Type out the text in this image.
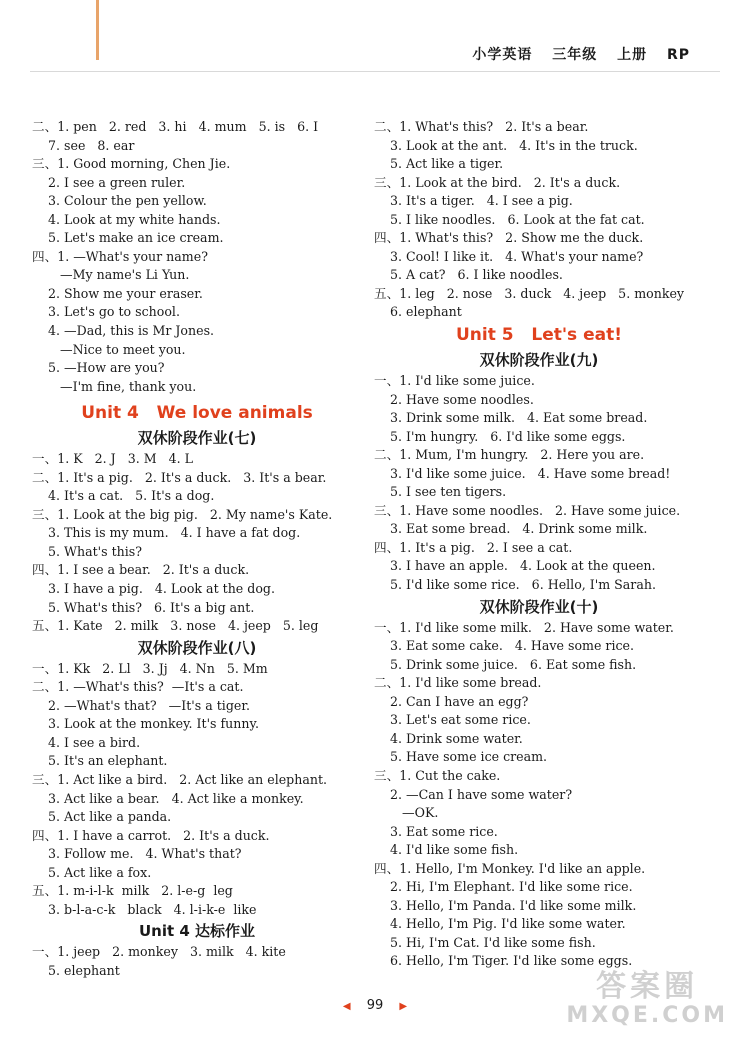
小学英语 三年级 上册 RP
二、1. pen   2. red   3. hi   4. mum   5. is   6. I
7. see   8. ear
三、1. Good morning, Chen Jie.
2. I see a green ruler.
3. Colour the pen yellow.
4. Look at my white hands.
5. Let's make an ice cream.
四、1. —What's your name?
—My name's Li Yun.
2. Show me your eraser.
3. Let's go to school.
4. —Dad, this is Mr Jones.
—Nice to meet you.
5. —How are you?
—I'm fine, thank you.
Unit 4   We love animals
双休阶段作业(七)
一、1. K   2. J   3. M   4. L
二、1. It's a pig.   2. It's a duck.   3. It's a bear.
4. It's a cat.   5. It's a dog.
三、1. Look at the big pig.   2. My name's Kate.
3. This is my mum.   4. I have a fat dog.
5. What's this?
四、1. I see a bear.   2. It's a duck.
3. I have a pig.   4. Look at the dog.
5. What's this?   6. It's a big ant.
五、1. Kate   2. milk   3. nose   4. jeep   5. leg
双休阶段作业(八)
一、1. Kk   2. Ll   3. Jj   4. Nn   5. Mm
二、1. —What's this?  —It's a cat.
2. —What's that?   —It's a tiger.
3. Look at the monkey. It's funny.
4. I see a bird.
5. It's an elephant.
三、1. Act like a bird.   2. Act like an elephant.
3. Act like a bear.   4. Act like a monkey.
5. Act like a panda.
四、1. I have a carrot.   2. It's a duck.
3. Follow me.   4. What's that?
5. Act like a fox.
五、1. m-i-l-k  milk   2. l-e-g  leg
3. b-l-a-c-k   black   4. l-i-k-e  like
Unit 4 达标作业
一、1. jeep   2. monkey   3. milk   4. kite
5. elephant
二、1. What's this?   2. It's a bear.
3. Look at the ant.   4. It's in the truck.
5. Act like a tiger.
三、1. Look at the bird.   2. It's a duck.
3. It's a tiger.   4. I see a pig.
5. I like noodles.   6. Look at the fat cat.
四、1. What's this?   2. Show me the duck.
3. Cool! I like it.   4. What's your name?
5. A cat?   6. I like noodles.
五、1. leg   2. nose   3. duck   4. jeep   5. monkey
6. elephant
Unit 5   Let's eat!
双休阶段作业(九)
一、1. I'd like some juice.
2. Have some noodles.
3. Drink some milk.   4. Eat some bread.
5. I'm hungry.   6. I'd like some eggs.
二、1. Mum, I'm hungry.   2. Here you are.
3. I'd like some juice.   4. Have some bread!
5. I see ten tigers.
三、1. Have some noodles.   2. Have some juice.
3. Eat some bread.   4. Drink some milk.
四、1. It's a pig.   2. I see a cat.
3. I have an apple.   4. Look at the queen.
5. I'd like some rice.   6. Hello, I'm Sarah.
双休阶段作业(十)
一、1. I'd like some milk.   2. Have some water.
3. Eat some cake.   4. Have some rice.
5. Drink some juice.   6. Eat some fish.
二、1. I'd like some bread.
2. Can I have an egg?
3. Let's eat some rice.
4. Drink some water.
5. Have some ice cream.
三、1. Cut the cake.
2. —Can I have some water?
—OK.
3. Eat some rice.
4. I'd like some fish.
四、1. Hello, I'm Monkey. I'd like an apple.
2. Hi, I'm Elephant. I'd like some rice.
3. Hello, I'm Panda. I'd like some milk.
4. Hello, I'm Pig. I'd like some water.
5. Hi, I'm Cat. I'd like some fish.
6. Hello, I'm Tiger. I'd like some eggs.
◀ 99 ▶
答案圈
MXQE.COM
